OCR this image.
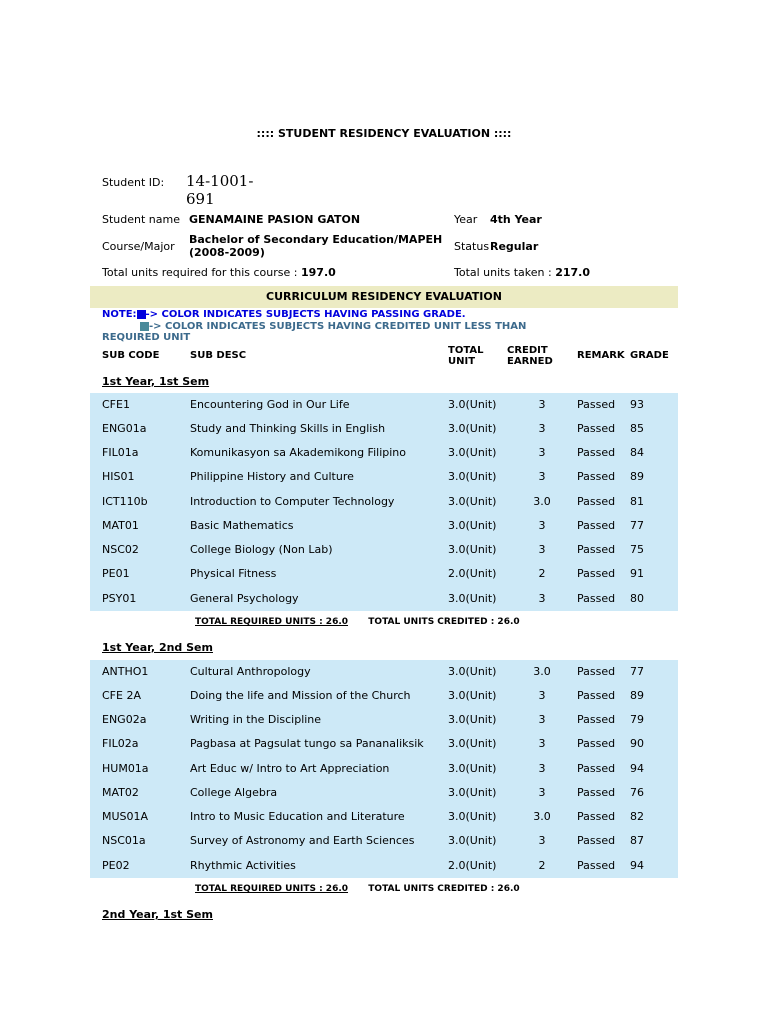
:::: STUDENT RESIDENCY EVALUATION ::::
Student ID: 14-1001-691
Student name GENAMAINE PASION GATON	Year 4th Year
Course/Major
Bachelor of Secondary Education/MAPEH (2008-2009)	Status Regular
Total units required for this course : 197.0	Total units taken : 217.0
CURRICULUM RESIDENCY EVALUATION
NOTE: -> COLOR INDICATES SUBJECTS HAVING PASSING GRADE.
-> COLOR INDICATES SUBJECTS HAVING CREDITED UNIT LESS THAN REQUIRED UNIT
SUB CODE	SUB DESC	TOTAL UNIT
CREDIT EARNED
REMARK GRADE
1st Year, 1st Sem
CFE1	Encountering God in Our Life	3.0(Unit)	3	Passed 93
ENG01a	Study and Thinking Skills in English	3.0(Unit)	3	Passed 85
FIL01a	Komunikasyon sa Akademikong Filipino	3.0(Unit)	3	Passed 84
HIS01	Philippine History and Culture	3.0(Unit)	3	Passed 89
ICT110b	Introduction to Computer Technology	3.0(Unit)	3.0	Passed 81
MAT01	Basic Mathematics	3.0(Unit)	3	Passed 77
NSC02	College Biology (Non Lab)	3.0(Unit)	3	Passed 75
PE01	Physical Fitness	2.0(Unit)	2	Passed 91
PSY01	General Psychology	3.0(Unit)	3	Passed 80
TOTAL REQUIRED UNITS : 26.0 TOTAL UNITS CREDITED : 26.0
1st Year, 2nd Sem
ANTHO1	Cultural Anthropology	3.0(Unit)	3.0	Passed 77
CFE 2A	Doing the life and Mission of the Church	3.0(Unit)	3	Passed 89
ENG02a	Writing in the Discipline	3.0(Unit)	3	Passed 79
FIL02a	Pagbasa at Pagsulat tungo sa Pananaliksik 3.0(Unit)	3	Passed 90
HUM01a	Art Educ w/ Intro to Art Appreciation	3.0(Unit)	3	Passed 94
MAT02	College Algebra	3.0(Unit)	3	Passed 76
MUS01A	Intro to Music Education and Literature	3.0(Unit)	3.0	Passed 82
NSC01a	Survey of Astronomy and Earth Sciences	3.0(Unit)	3	Passed 87
PE02	Rhythmic Activities	2.0(Unit)	2	Passed 94
TOTAL REQUIRED UNITS : 26.0 TOTAL UNITS CREDITED : 26.0
2nd Year, 1st Sem
